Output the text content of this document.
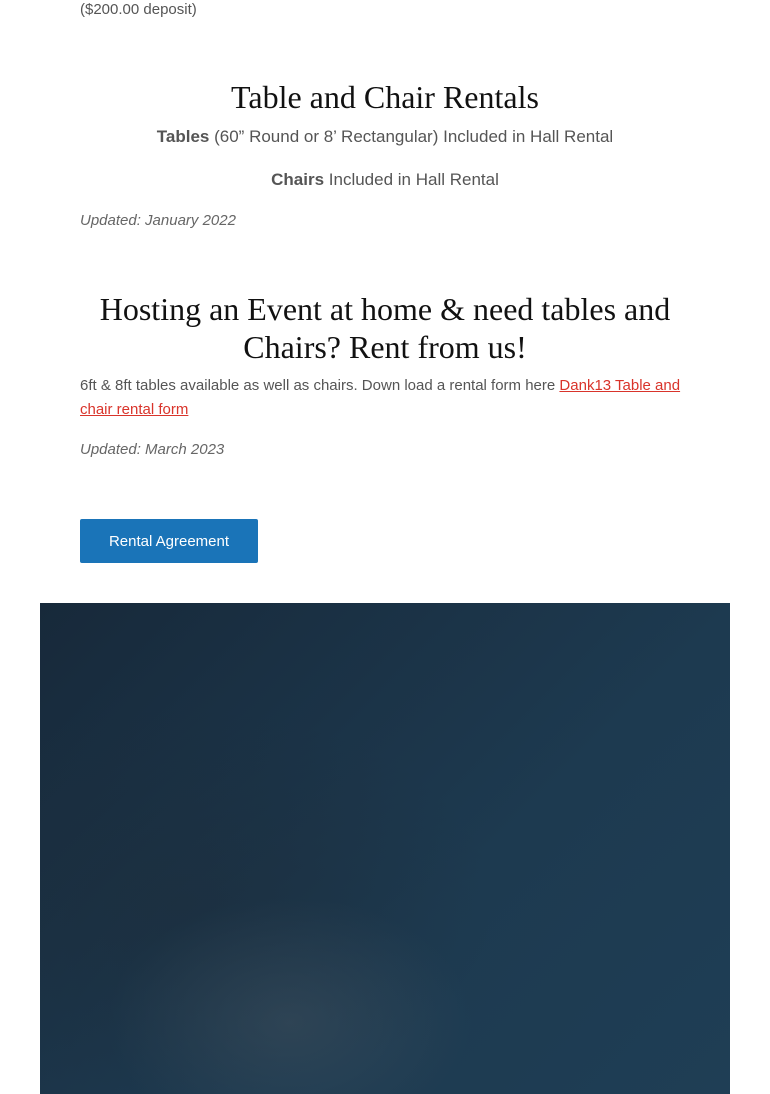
($200.00 deposit)
Table and Chair Rentals
Tables (60” Round or 8’ Rectangular) Included in Hall Rental
Chairs Included in Hall Rental
Updated: January 2022
Hosting an Event at home & need tables and Chairs? Rent from us!
6ft & 8ft tables available as well as chairs. Down load a rental form here Dank13 Table and chair rental form
Updated: March 2023
Rental Agreement
